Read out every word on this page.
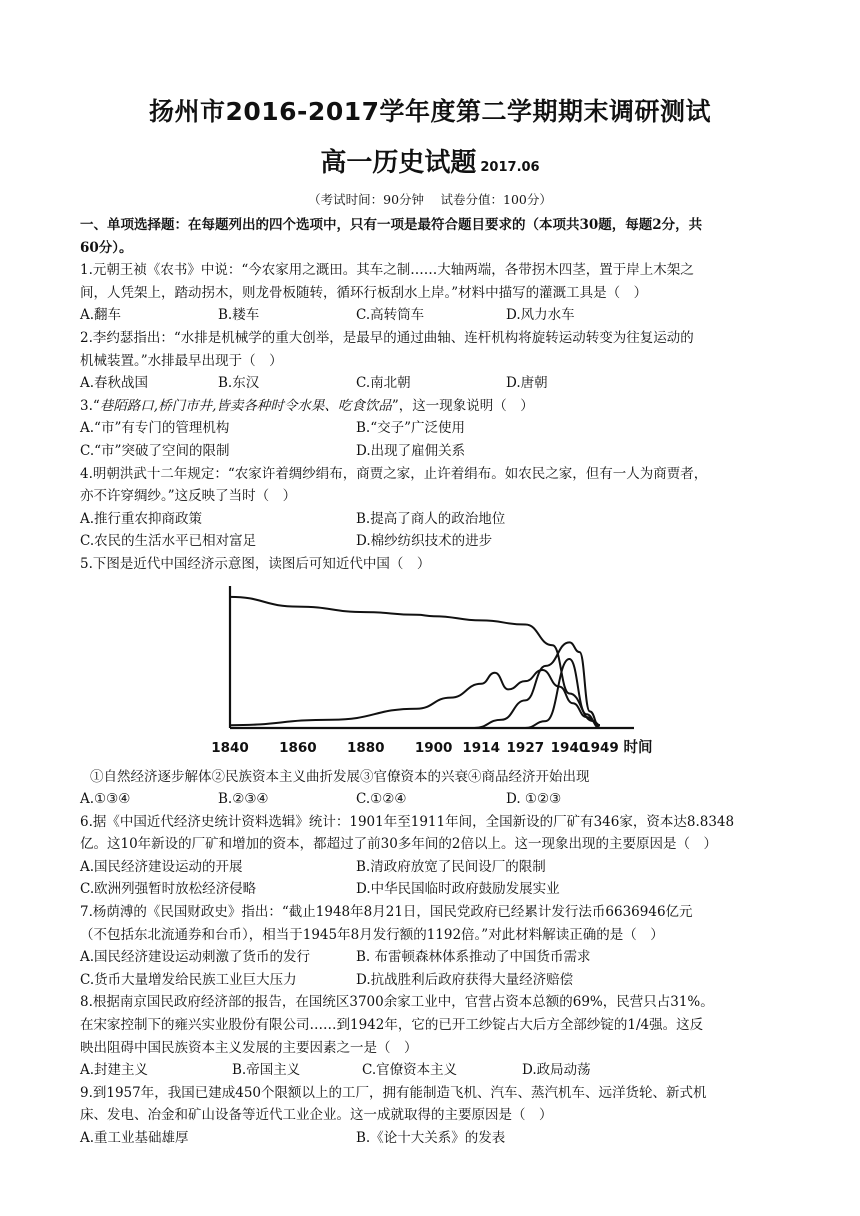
扬州市2016-2017学年度第二学期期末调研测试
高一历史试题 2017.06
（考试时间：90分钟　 试卷分值：100分）
一、单项选择题：在每题列出的四个选项中，只有一项是最符合题目要求的（本项共30题，每题2分，共
60分）。
1.元朝王祯《农书》中说：“今农家用之溉田。其车之制……大轴两端，各带拐木四茎，置于岸上木架之
间，人凭架上，踏动拐木，则龙骨板随转，循环行板刮水上岸。”材料中描写的灌溉工具是（　）
A.翻车	B.耧车	C.高转筒车	D.风力水车
2.李约瑟指出：“水排是机械学的重大创举，是最早的通过曲轴、连杆机构将旋转运动转变为往复运动的
机械装置。”水排最早出现于（　）
A.春秋战国	B.东汉	C.南北朝	D.唐朝
3.“巷陌路口,桥门市井,皆卖各种时令水果、吃食饮品”，这一现象说明（　）
A.“市”有专门的管理机构	B.“交子”广泛使用
C.“市”突破了空间的限制	D.出现了雇佣关系
4.明朝洪武十二年规定：“农家许着绸纱绢布，商贾之家，止许着绢布。如农民之家，但有一人为商贾者，
亦不许穿绸纱。”这反映了当时（　）
A.推行重农抑商政策	B.提高了商人的政治地位
C.农民的生活水平已相对富足	D.棉纱纺织技术的进步
5.下图是近代中国经济示意图，读图后可知近代中国（　）
1840 1860 1880 1900 1914 1927 1940
1949 时间
①自然经济逐步解体②民族资本主义曲折发展③官僚资本的兴衰④商品经济开始出现
A.①③④	B.②③④	C.①②④	D. ①②③
6.据《中国近代经济史统计资料选辑》统计：1901年至1911年间，全国新设的厂矿有346家，资本达8.8348
亿。这10年新设的厂矿和增加的资本，都超过了前30多年间的2倍以上。这一现象出现的主要原因是（　）
A.国民经济建设运动的开展	B.清政府放宽了民间设厂的限制
C.欧洲列强暂时放松经济侵略	D.中华民国临时政府鼓励发展实业
7.杨荫溥的《民国财政史》指出：“截止1948年8月21日，国民党政府已经累计发行法币6636946亿元
（不包括东北流通券和台币），相当于1945年8月发行额的1192倍。”对此材料解读正确的是（　）
A.国民经济建设运动刺激了货币的发行	B. 布雷顿森林体系推动了中国货币需求
C.货币大量增发给民族工业巨大压力	D.抗战胜利后政府获得大量经济赔偿
8.根据南京国民政府经济部的报告，在国统区3700余家工业中，官营占资本总额的69%，民营只占31%。
在宋家控制下的雍兴实业股份有限公司……到1942年，它的已开工纱锭占大后方全部纱锭的1/4强。这反
映出阻碍中国民族资本主义发展的主要因素之一是（　）
A.封建主义	B.帝国主义	C.官僚资本主义	D.政局动荡
9.到1957年，我国已建成450个限额以上的工厂，拥有能制造飞机、汽车、蒸汽机车、远洋货轮、新式机
床、发电、冶金和矿山设备等近代工业企业。这一成就取得的主要原因是（　）
A.重工业基础雄厚	B.《论十大关系》的发表
